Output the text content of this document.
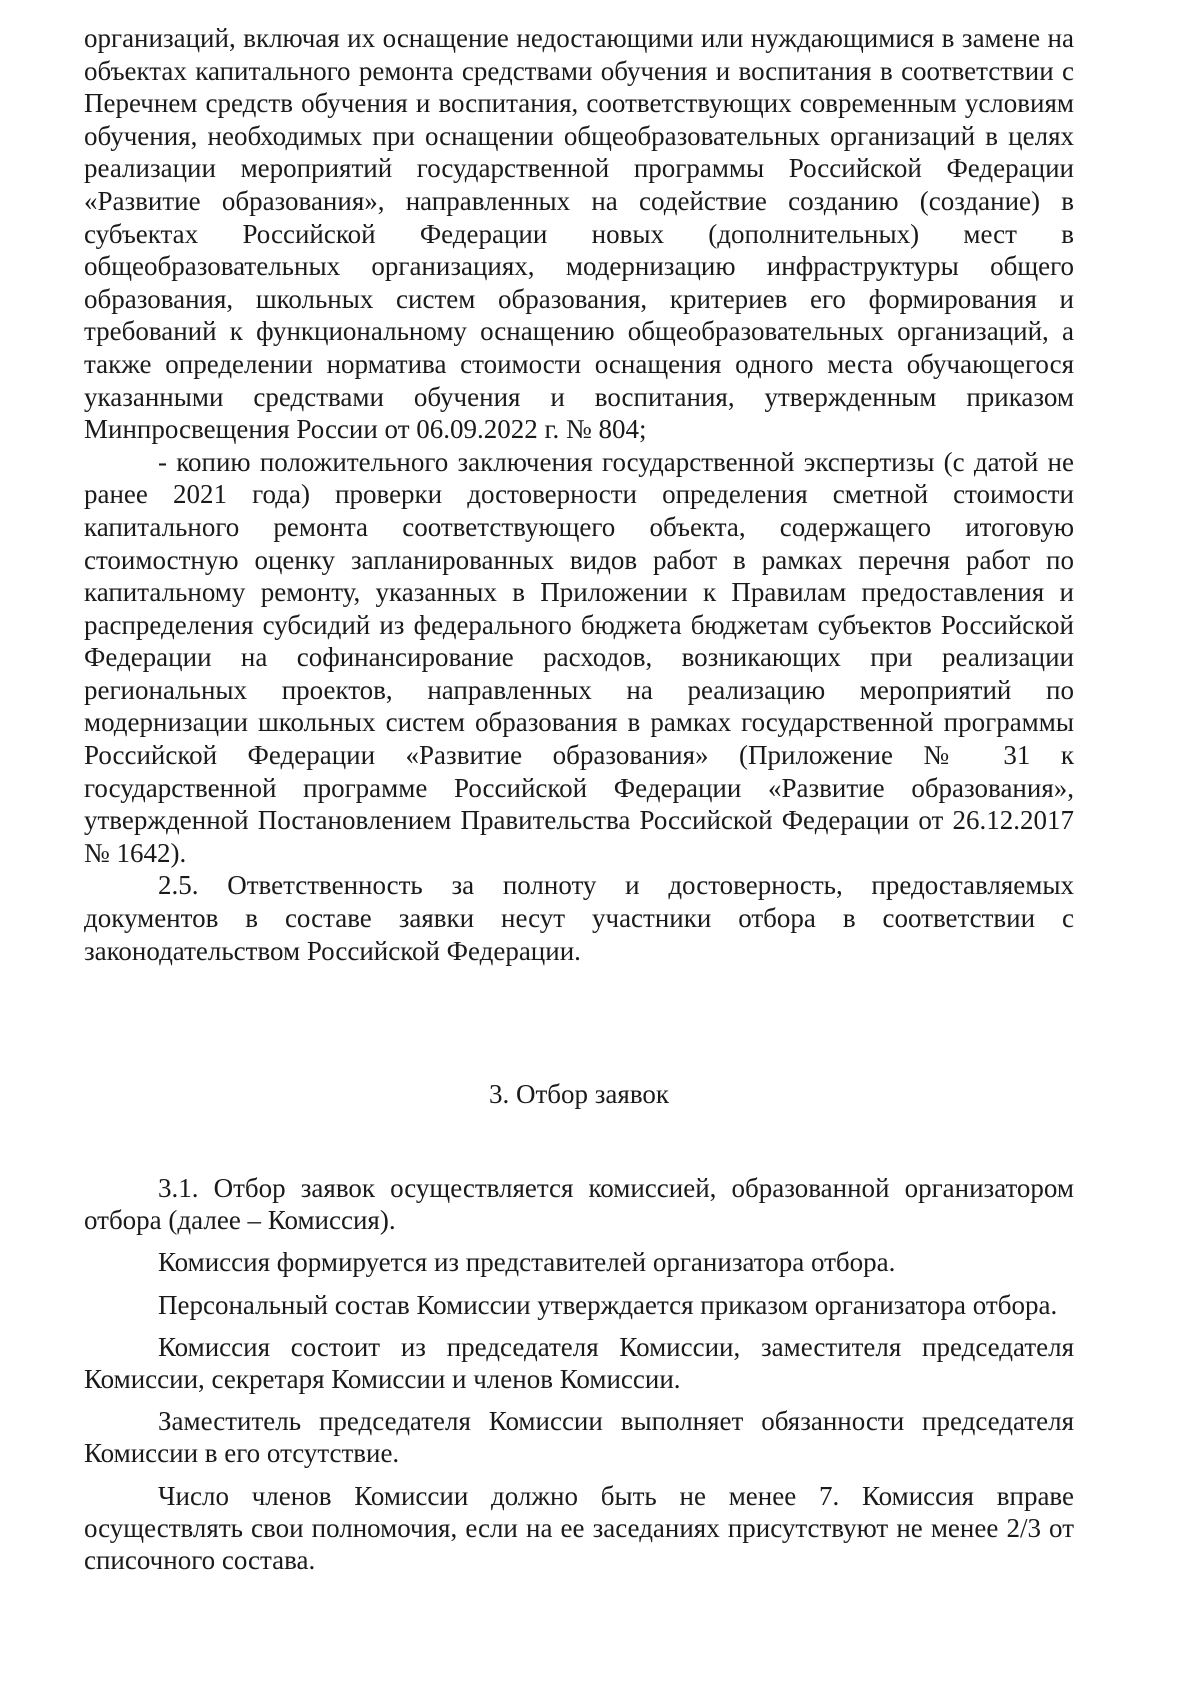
организаций, включая их оснащение недостающими или нуждающимися в замене на объектах капитального ремонта средствами обучения и воспитания в соответствии с Перечнем средств обучения и воспитания, соответствующих современным условиям обучения, необходимых при оснащении общеобразовательных организаций в целях реализации мероприятий государственной программы Российской Федерации «Развитие образования», направленных на содействие созданию (создание) в субъектах Российской Федерации новых (дополнительных) мест в общеобразовательных организациях, модернизацию инфраструктуры общего образования, школьных систем образования, критериев его формирования и требований к функциональному оснащению общеобразовательных организаций, а также определении норматива стоимости оснащения одного места обучающегося указанными средствами обучения и воспитания, утвержденным приказом Минпросвещения России от 06.09.2022 г. № 804;

- копию положительного заключения государственной экспертизы (с датой не ранее 2021 года) проверки достоверности определения сметной стоимости капитального ремонта соответствующего объекта, содержащего итоговую стоимостную оценку запланированных видов работ в рамках перечня работ по капитальному ремонту, указанных в Приложении к Правилам предоставления и распределения субсидий из федерального бюджета бюджетам субъектов Российской Федерации на софинансирование расходов, возникающих при реализации региональных проектов, направленных на реализацию мероприятий по модернизации школьных систем образования в рамках государственной программы Российской Федерации «Развитие образования» (Приложение № 31 к государственной программе Российской Федерации «Развитие образования», утвержденной Постановлением Правительства Российской Федерации от 26.12.2017 № 1642).

2.5. Ответственность за полноту и достоверность, предоставляемых документов в составе заявки несут участники отбора в соответствии с законодательством Российской Федерации.

3. Отбор заявок

3.1. Отбор заявок осуществляется комиссией, образованной организатором отбора (далее – Комиссия).

Комиссия формируется из представителей организатора отбора.

Персональный состав Комиссии утверждается приказом организатора отбора.

Комиссия состоит из председателя Комиссии, заместителя председателя Комиссии, секретаря Комиссии и членов Комиссии.

Заместитель председателя Комиссии выполняет обязанности председателя Комиссии в его отсутствие.

Число членов Комиссии должно быть не менее 7. Комиссия вправе осуществлять свои полномочия, если на ее заседаниях присутствуют не менее 2/3 от списочного состава.
